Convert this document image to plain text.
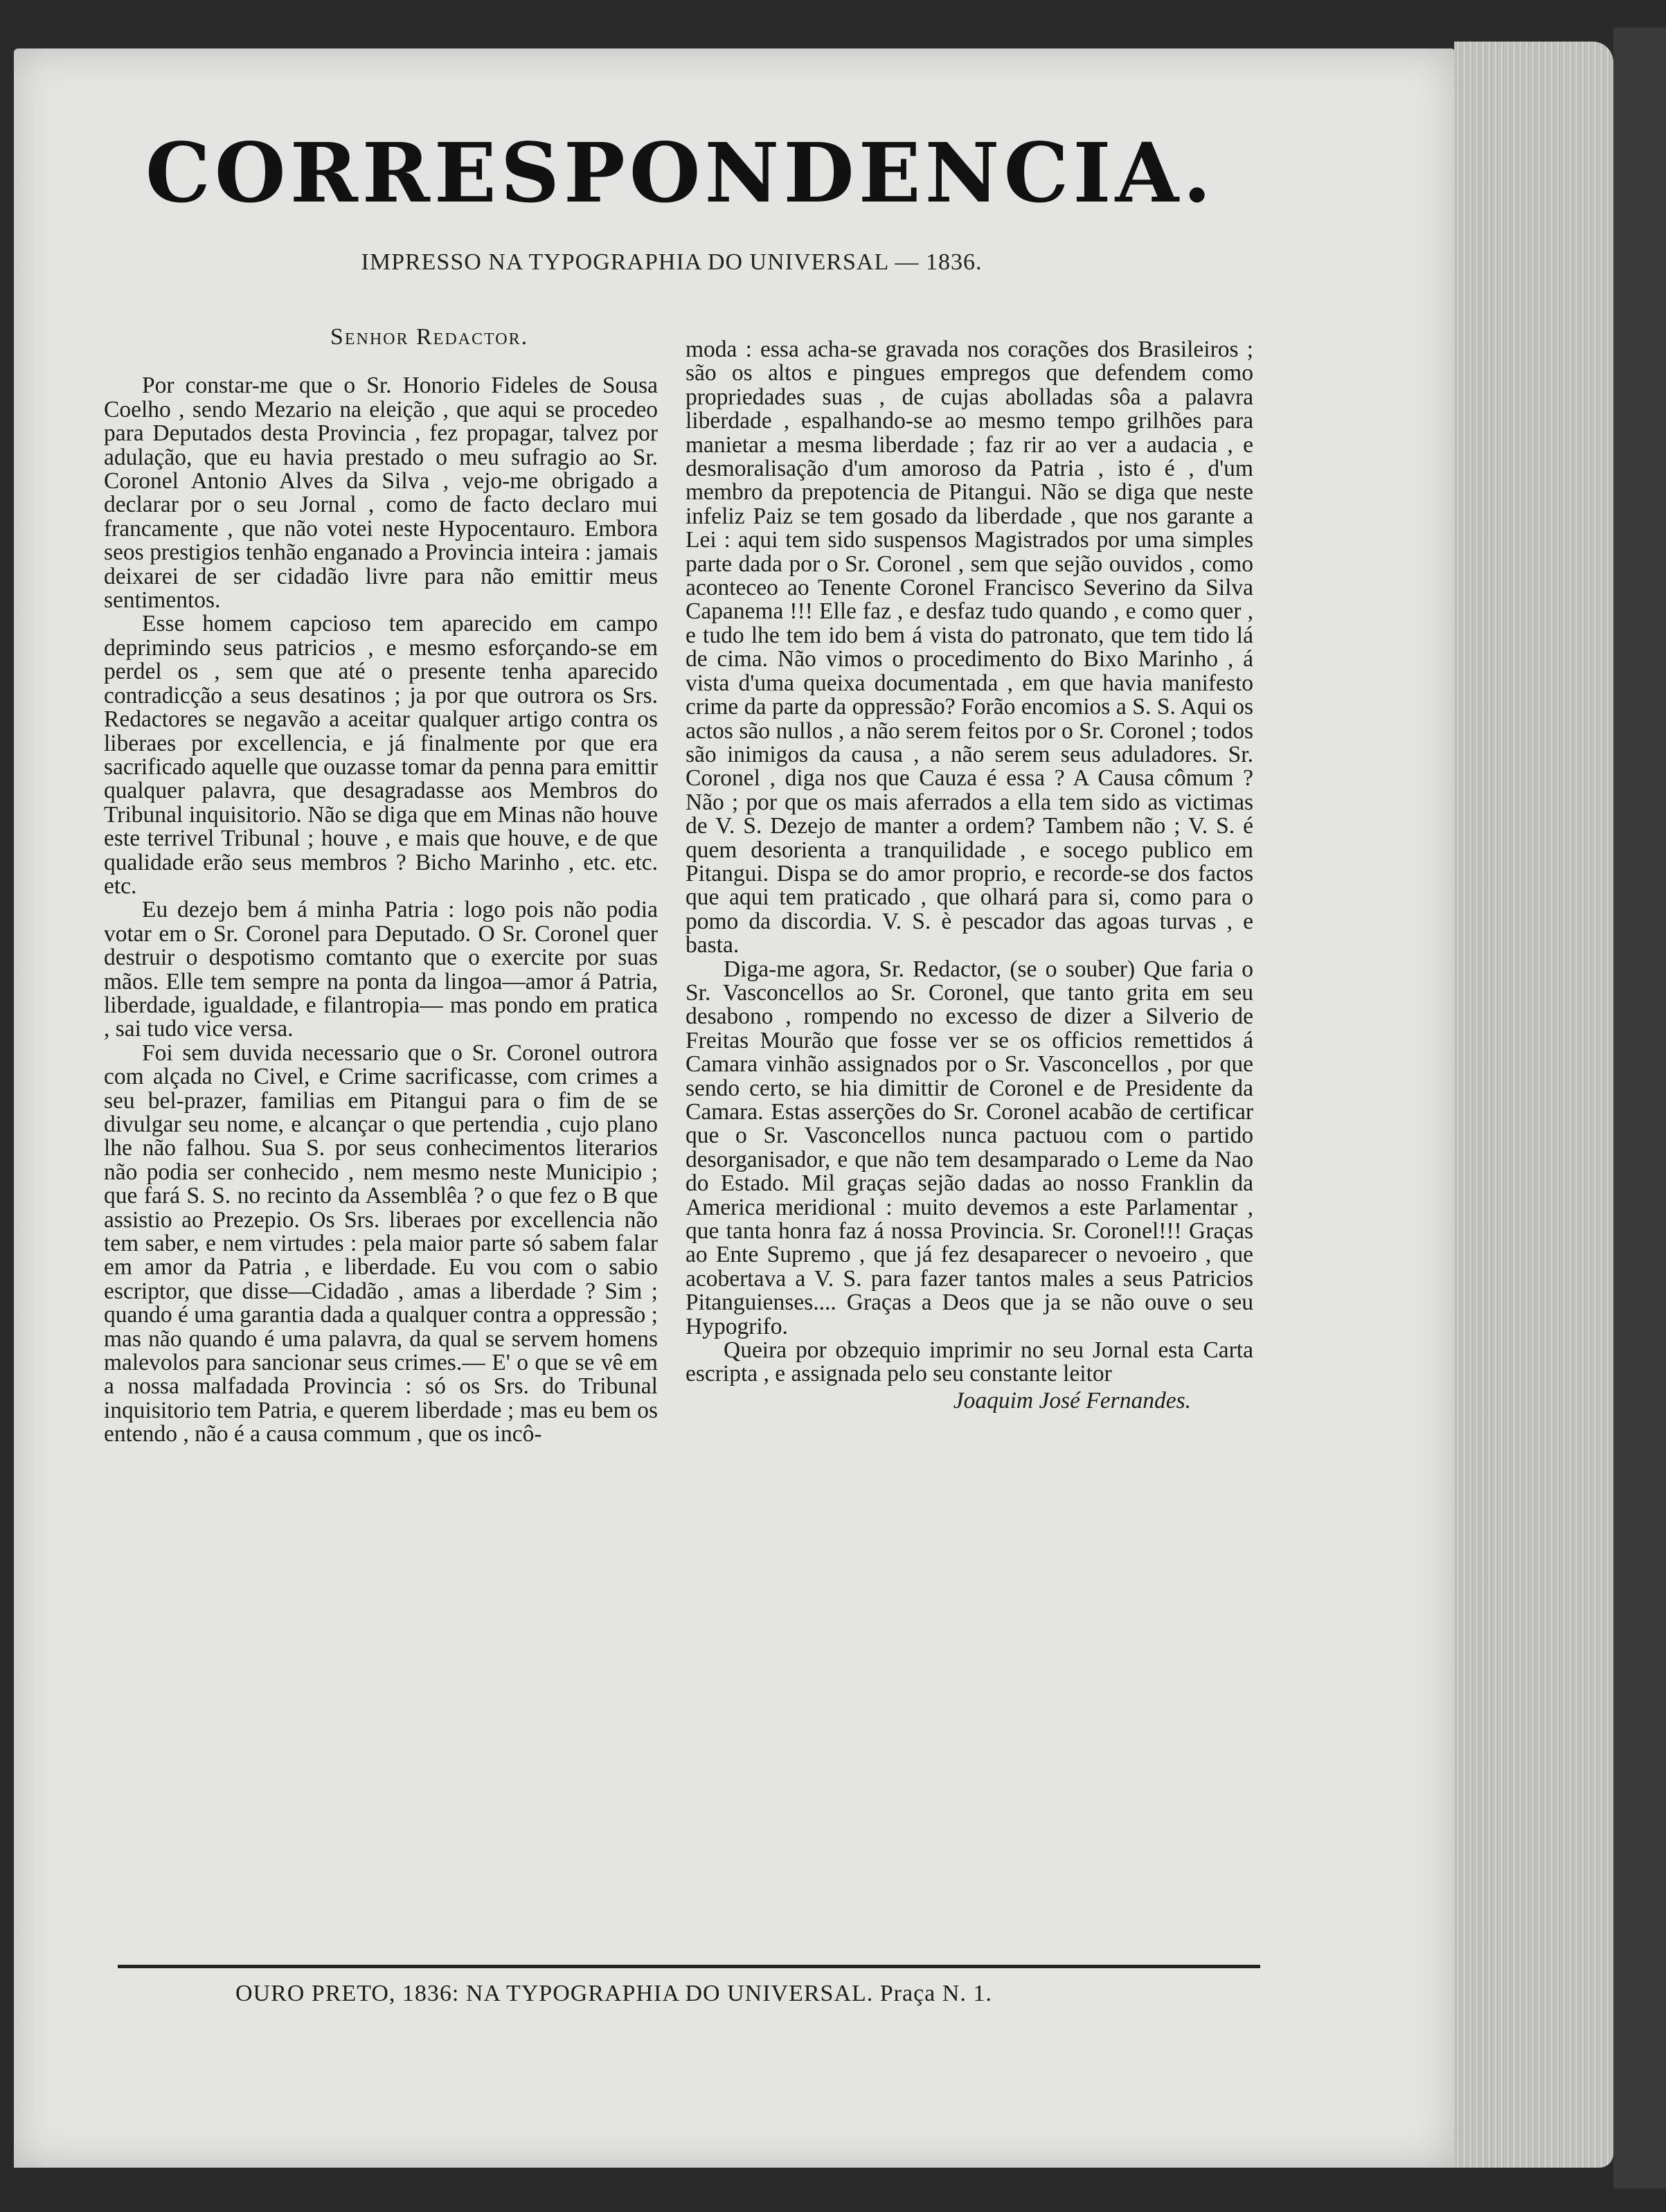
CORRESPONDENCIA.
IMPRESSO NA TYPOGRAPHIA DO UNIVERSAL — 1836.
Senhor Redactor.

Por constar-me que o Sr. Honorio Fideles de Sousa Coelho , sendo Mezario na eleição , que aqui se procedeo para Deputados desta Provincia , fez propagar, talvez por adulação, que eu havia prestado o meu sufragio ao Sr. Coronel Antonio Alves da Silva , vejo-me obrigado a declarar por o seu Jornal , como de facto declaro mui francamente , que não votei neste Hypocentauro. Embora seos prestigios tenhão enganado a Provincia inteira : jamais deixarei de ser cidadão livre para não emittir meus sentimentos.

Esse homem capcioso tem aparecido em campo deprimindo seus patricios , e mesmo esforçando-se em perdel os , sem que até o presente tenha aparecido contradicção a seus desatinos ; ja por que outrora os Srs. Redactores se negavão a aceitar qualquer artigo contra os liberaes por excellencia, e já finalmente por que era sacrificado aquelle que ouzasse tomar da penna para emittir qualquer palavra, que desagradasse aos Membros do Tribunal inquisitorio. Não se diga que em Minas não houve este terrivel Tribunal ; houve , e mais que houve, e de que qualidade erão seus membros ? Bicho Marinho , etc. etc. etc.

Eu dezejo bem á minha Patria : logo pois não podia votar em o Sr. Coronel para Deputado. O Sr. Coronel quer destruir o despotismo comtanto que o exercite por suas mãos. Elle tem sempre na ponta da lingoa—amor á Patria, liberdade, igualdade, e filantropia— mas pondo em pratica , sai tudo vice versa.

Foi sem duvida necessario que o Sr. Coronel outrora com alçada no Civel, e Crime sacrificasse, com crimes a seu bel-prazer, familias em Pitangui para o fim de se divulgar seu nome, e alcançar o que pertendia , cujo plano lhe não falhou. Sua S. por seus conhecimentos literarios não podia ser conhecido , nem mesmo neste Municipio ; que fará S. S. no recinto da Assemblêa ? o que fez o B que assistio ao Prezepio. Os Srs. liberaes por excellencia não tem saber, e nem virtudes : pela maior parte só sabem falar em amor da Patria , e liberdade. Eu vou com o sabio escriptor, que disse—Cidadão , amas a liberdade ? Sim ; quando é uma garantia dada a qualquer contra a oppressão ; mas não quando é uma palavra, da qual se servem homens malevolos para sancionar seus crimes.— E' o que se vê em a nossa malfadada Provincia : só os Srs. do Tribunal inquisitorio tem Patria, e querem liberdade ; mas eu bem os entendo , não é a causa commum , que os incô-

moda : essa acha-se gravada nos corações dos Brasileiros ; são os altos e pingues empregos que defendem como propriedades suas , de cujas abolladas sôa a palavra liberdade , espalhando-se ao mesmo tempo grilhões para manietar a mesma liberdade ; faz rir ao ver a audacia , e desmoralisação d'um amoroso da Patria , isto é , d'um membro da prepotencia de Pitangui. Não se diga que neste infeliz Paiz se tem gosado da liberdade , que nos garante a Lei : aqui tem sido suspensos Magistrados por uma simples parte dada por o Sr. Coronel , sem que sejão ouvidos , como aconteceo ao Tenente Coronel Francisco Severino da Silva Capanema !!! Elle faz , e desfaz tudo quando , e como quer , e tudo lhe tem ido bem á vista do patronato, que tem tido lá de cima. Não vimos o procedimento do Bixo Marinho , á vista d'uma queixa documentada , em que havia manifesto crime da parte da oppressão? Forão encomios a S. S. Aqui os actos são nullos , a não serem feitos por o Sr. Coronel ; todos são inimigos da causa , a não serem seus aduladores. Sr. Coronel , diga nos que Cauza é essa ? A Causa cômum ? Não ; por que os mais aferrados a ella tem sido as victimas de V. S. Dezejo de manter a ordem? Tambem não ; V. S. é quem desorienta a tranquilidade , e socego publico em Pitangui. Dispa se do amor proprio, e recorde-se dos factos que aqui tem praticado , que olhará para si, como para o pomo da discordia. V. S. è pescador das agoas turvas , e basta.

Diga-me agora, Sr. Redactor, (se o souber) Que faria o Sr. Vasconcellos ao Sr. Coronel, que tanto grita em seu desabono , rompendo no excesso de dizer a Silverio de Freitas Mourão que fosse ver se os officios remettidos á Camara vinhão assignados por o Sr. Vasconcellos , por que sendo certo, se hia dimittir de Coronel e de Presidente da Camara. Estas asserções do Sr. Coronel acabão de certificar que o Sr. Vasconcellos nunca pactuou com o partido desorganisador, e que não tem desamparado o Leme da Nao do Estado. Mil graças sejão dadas ao nosso Franklin da America meridional : muito devemos a este Parlamentar , que tanta honra faz á nossa Provincia. Sr. Coronel!!! Graças ao Ente Supremo , que já fez desaparecer o nevoeiro , que acobertava a V. S. para fazer tantos males a seus Patricios Pitanguienses.... Graças a Deos que ja se não ouve o seu Hypogrifo.

Queira por obzequio imprimir no seu Jornal esta Carta escripta , e assignada pelo seu constante leitor

Joaquim José Fernandes.
OURO PRETO, 1836: NA TYPOGRAPHIA DO UNIVERSAL. Praça N. 1.
